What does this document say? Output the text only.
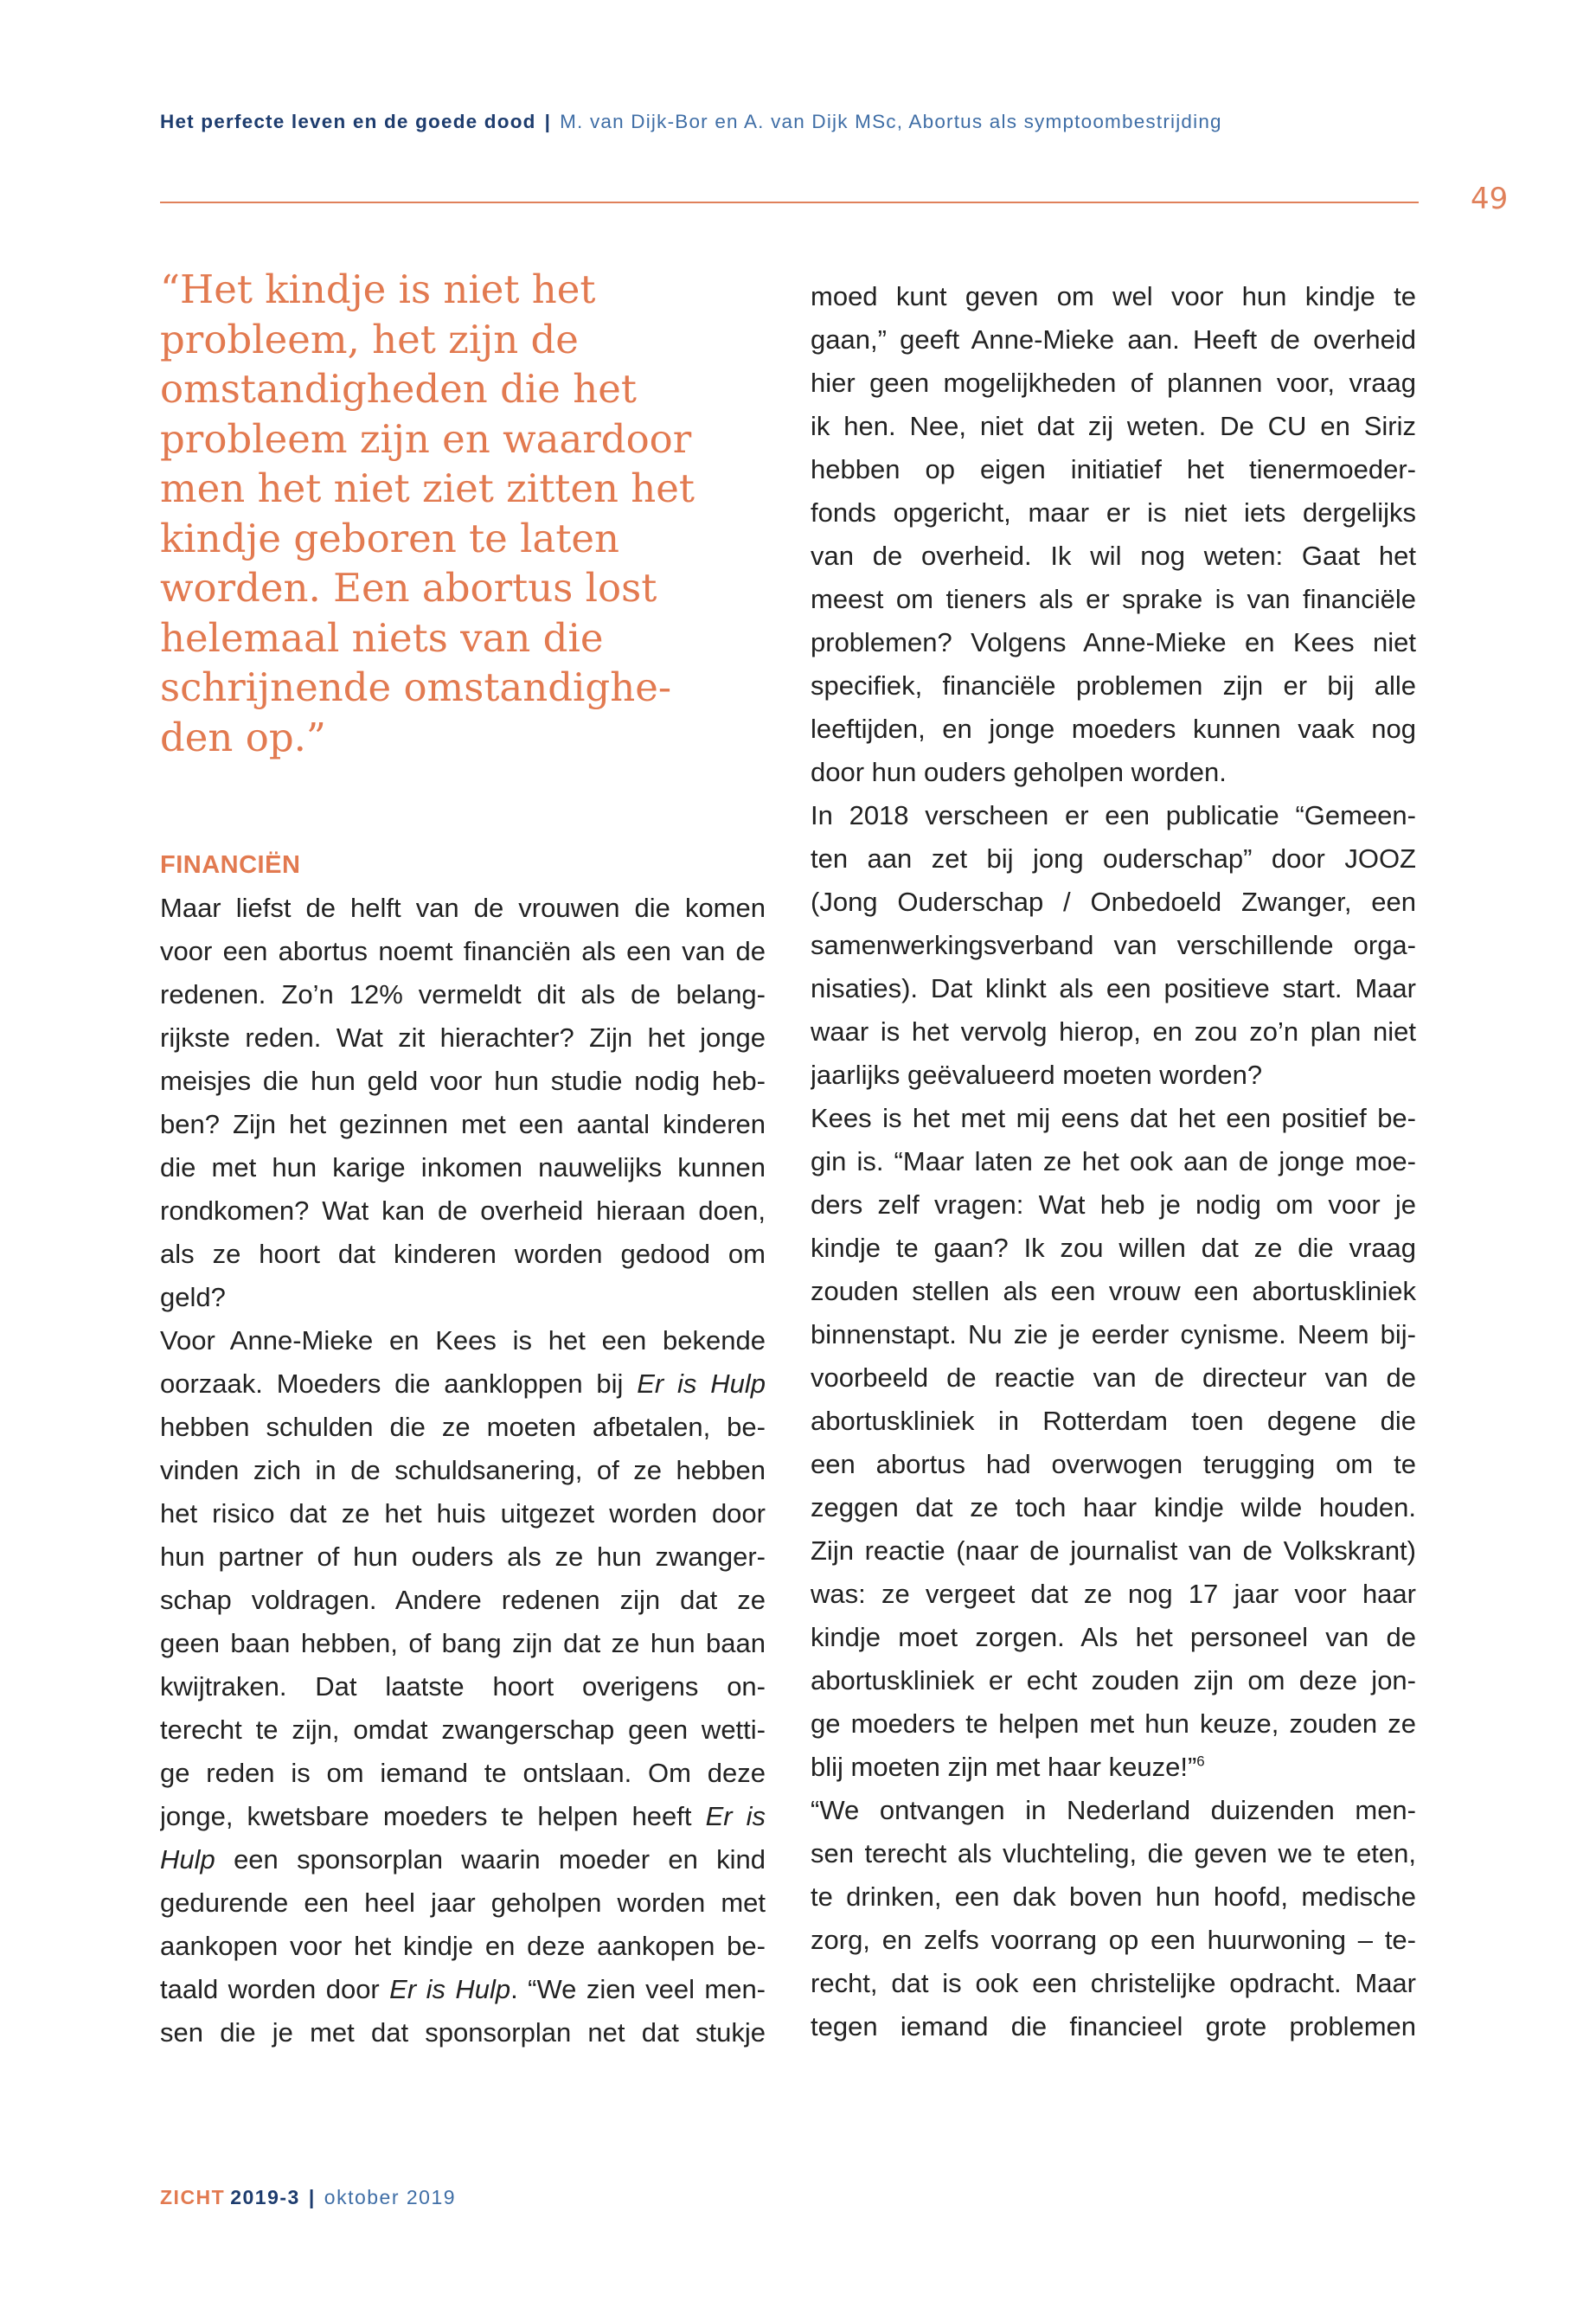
Het perfecte leven en de goede dood | M. van Dijk-Bor en A. van Dijk MSc, Abortus als symptoombestrijding
49
“Het kindje is niet het
probleem, het zijn de
omstandigheden die het
probleem zijn en waardoor
men het niet ziet zitten het
kindje geboren te laten
worden. Een abortus lost
helemaal niets van die
schrijnende omstandighe-
den op.”
FINANCIËN
Maar liefst de helft van de vrouwen die komen
voor een abortus noemt financiën als een van de
redenen. Zo’n 12% vermeldt dit als de belang-
rijkste reden. Wat zit hierachter? Zijn het jonge
meisjes die hun geld voor hun studie nodig heb-
ben? Zijn het gezinnen met een aantal kinderen
die met hun karige inkomen nauwelijks kunnen
rondkomen? Wat kan de overheid hieraan doen,
als ze hoort dat kinderen worden gedood om
geld?
Voor Anne-Mieke en Kees is het een bekende
oorzaak. Moeders die aankloppen bij Er is Hulp
hebben schulden die ze moeten afbetalen, be-
vinden zich in de schuldsanering, of ze hebben
het risico dat ze het huis uitgezet worden door
hun partner of hun ouders als ze hun zwanger-
schap voldragen. Andere redenen zijn dat ze
geen baan hebben, of bang zijn dat ze hun baan
kwijtraken. Dat laatste hoort overigens on-
terecht te zijn, omdat zwangerschap geen wetti-
ge reden is om iemand te ontslaan. Om deze
jonge, kwetsbare moeders te helpen heeft Er is
Hulp een sponsorplan waarin moeder en kind
gedurende een heel jaar geholpen worden met
aankopen voor het kindje en deze aankopen be-
taald worden door Er is Hulp. “We zien veel men-
sen die je met dat sponsorplan net dat stukje
moed kunt geven om wel voor hun kindje te
gaan,” geeft Anne-Mieke aan. Heeft de overheid
hier geen mogelijkheden of plannen voor, vraag
ik hen. Nee, niet dat zij weten. De CU en Siriz
hebben op eigen initiatief het tienermoeder-
fonds opgericht, maar er is niet iets dergelijks
van de overheid. Ik wil nog weten: Gaat het
meest om tieners als er sprake is van financiële
problemen? Volgens Anne-Mieke en Kees niet
specifiek, financiële problemen zijn er bij alle
leeftijden, en jonge moeders kunnen vaak nog
door hun ouders geholpen worden.
In 2018 verscheen er een publicatie “Gemeen-
ten aan zet bij jong ouderschap” door JOOZ
(Jong Ouderschap / Onbedoeld Zwanger, een
samenwerkingsverband van verschillende orga-
nisaties). Dat klinkt als een positieve start. Maar
waar is het vervolg hierop, en zou zo’n plan niet
jaarlijks geëvalueerd moeten worden?
Kees is het met mij eens dat het een positief be-
gin is. “Maar laten ze het ook aan de jonge moe-
ders zelf vragen: Wat heb je nodig om voor je
kindje te gaan? Ik zou willen dat ze die vraag
zouden stellen als een vrouw een abortuskliniek
binnenstapt. Nu zie je eerder cynisme. Neem bij-
voorbeeld de reactie van de directeur van de
abortuskliniek in Rotterdam toen degene die
een abortus had overwogen terugging om te
zeggen dat ze toch haar kindje wilde houden.
Zijn reactie (naar de journalist van de Volkskrant)
was: ze vergeet dat ze nog 17 jaar voor haar
kindje moet zorgen. Als het personeel van de
abortuskliniek er echt zouden zijn om deze jon-
ge moeders te helpen met hun keuze, zouden ze
blij moeten zijn met haar keuze!”$^6$
“We ontvangen in Nederland duizenden men-
sen terecht als vluchteling, die geven we te eten,
te drinken, een dak boven hun hoofd, medische
zorg, en zelfs voorrang op een huurwoning – te-
recht, dat is ook een christelijke opdracht. Maar
tegen iemand die financieel grote problemen
ZICHT 2019-3 | oktober 2019
